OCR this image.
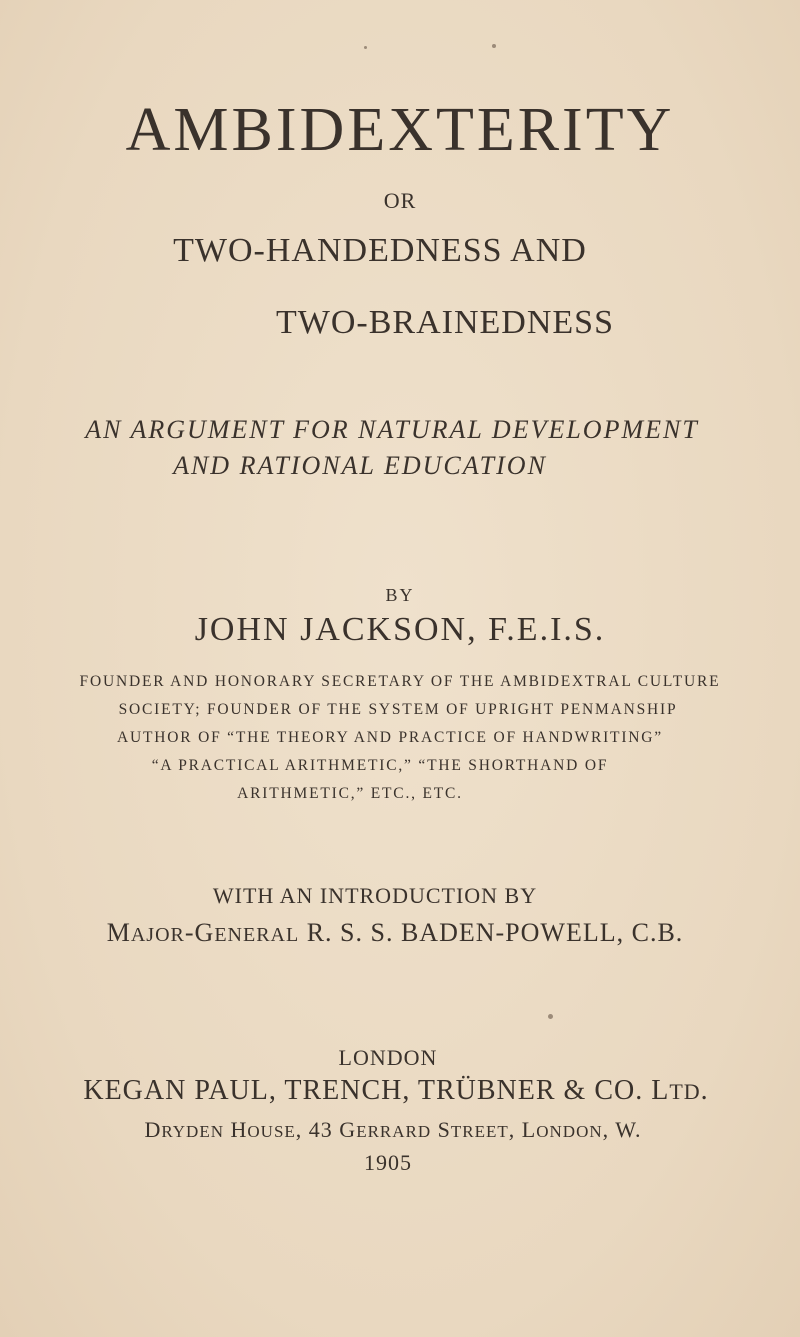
AMBIDEXTERITY

OR

TWO-HANDEDNESS AND

TWO-BRAINEDNESS

AN ARGUMENT FOR NATURAL DEVELOPMENT

AND RATIONAL EDUCATION

BY

JOHN JACKSON, F.E.I.S.

FOUNDER AND HONORARY SECRETARY OF THE AMBIDEXTRAL CULTURE

SOCIETY; FOUNDER OF THE SYSTEM OF UPRIGHT PENMANSHIP

AUTHOR OF “THE THEORY AND PRACTICE OF HANDWRITING”

“A PRACTICAL ARITHMETIC,” “THE SHORTHAND OF

ARITHMETIC,” ETC., ETC.

WITH AN INTRODUCTION BY

MAJOR-GENERAL R. S. S. BADEN-POWELL, C.B.

LONDON

KEGAN PAUL, TRENCH, TRÜBNER & CO. LTD.

DRYDEN HOUSE, 43 GERRARD STREET, LONDON, W.

1905
